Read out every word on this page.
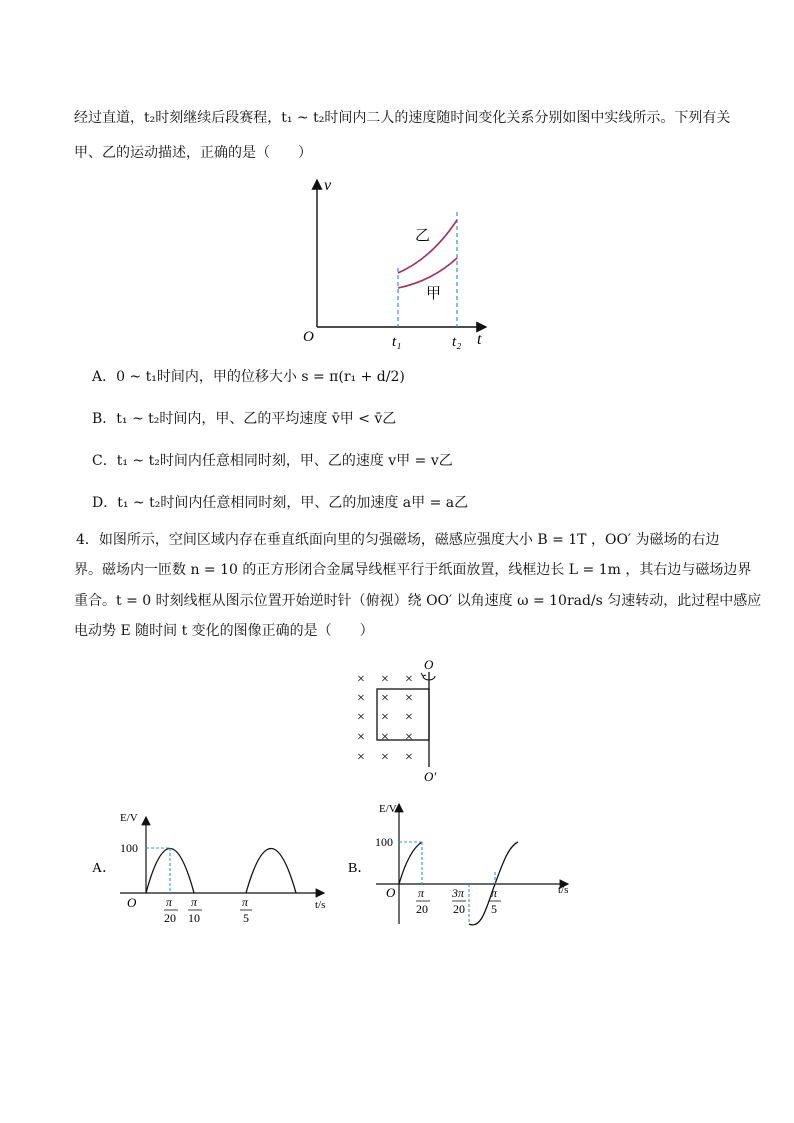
经过直道，t₂时刻继续后段赛程，t₁ ~ t₂时间内二人的速度随时间变化关系分别如图中实线所示。下列有关
甲、乙的运动描述，正确的是（　　）
v
t
O	t₁	t₂
乙
甲
A．0 ~ t₁时间内，甲的位移大小 s = π(r₁ + d/2)
B．t₁ ~ t₂时间内，甲、乙的平均速度 v̄甲 < v̄乙
C．t₁ ~ t₂时间内任意相同时刻，甲、乙的速度 v甲 = v乙
D．t₁ ~ t₂时间内任意相同时刻，甲、乙的加速度 a甲 = a乙
4．如图所示，空间区域内存在垂直纸面向里的匀强磁场，磁感应强度大小 B = 1T ，OO′ 为磁场的右边
界。磁场内一匝数 n = 10 的正方形闭合金属导线框平行于纸面放置，线框边长 L = 1m ，其右边与磁场边界
重合。t = 0 时刻线框从图示位置开始逆时针（俯视）绕 OO′ 以角速度 ω = 10rad/s 匀速转动，此过程中感应
电动势 E 随时间 t 变化的图像正确的是（　　）
× × ×
× × ×
× × ×
× × ×
× × ×
O
O′
A．
E/V
t/s
O
100
π
20
π
10
π
5
B．
E/V
t/s
O
100
π
20
3π
20
π
5
